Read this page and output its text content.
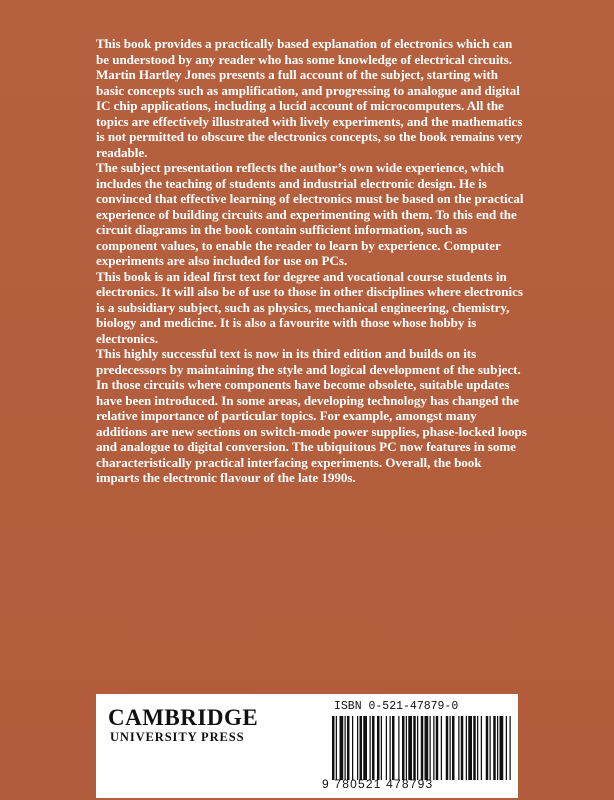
This book provides a practically based explanation of electronics which can be understood by any reader who has some knowledge of electrical circuits. Martin Hartley Jones presents a full account of the subject, starting with basic concepts such as amplification, and progressing to analogue and digital IC chip applications, including a lucid account of microcomputers. All the topics are effectively illustrated with lively experiments, and the mathematics is not permitted to obscure the electronics concepts, so the book remains very readable.

The subject presentation reflects the author’s own wide experience, which includes the teaching of students and industrial electronic design. He is convinced that effective learning of electronics must be based on the practical experience of building circuits and experimenting with them. To this end the circuit diagrams in the book contain sufficient information, such as component values, to enable the reader to learn by experience. Computer experiments are also included for use on PCs.

This book is an ideal first text for degree and vocational course students in electronics. It will also be of use to those in other disciplines where electronics is a subsidiary subject, such as physics, mechanical engineering, chemistry, biology and medicine. It is also a favourite with those whose hobby is electronics.

This highly successful text is now in its third edition and builds on its predecessors by maintaining the style and logical development of the subject. In those circuits where components have become obsolete, suitable updates have been introduced. In some areas, developing technology has changed the relative importance of particular topics. For example, amongst many additions are new sections on switch-mode power supplies, phase-locked loops and analogue to digital conversion. The ubiquitous PC now features in some characteristically practical interfacing experiments. Overall, the book imparts the electronic flavour of the late 1990s.

CAMBRIDGE
UNIVERSITY PRESS
ISBN 0-521-47879-0
9 780521 478793
